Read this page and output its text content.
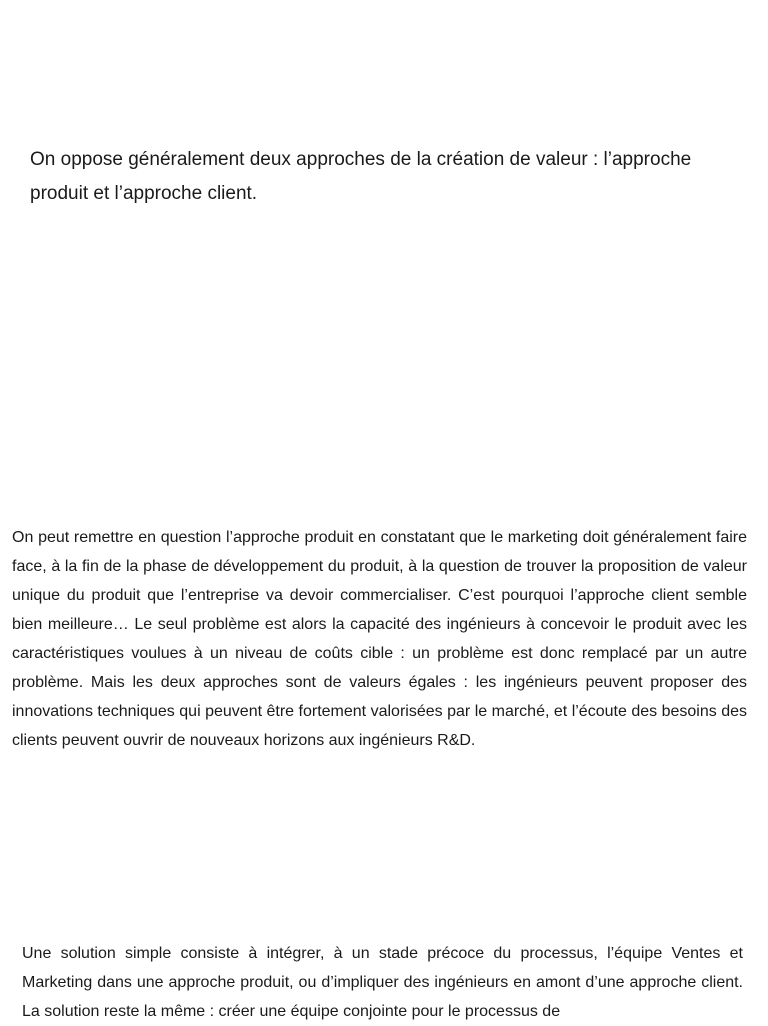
On oppose généralement deux approches de la création de valeur : l’approche produit et l’approche client.

On peut remettre en question l’approche produit en constatant que le marketing doit généralement faire face, à la fin de la phase de développement du produit, à la question de trouver la proposition de valeur unique du produit que l’entreprise va devoir commercialiser. C’est pourquoi l’approche client semble bien meilleure… Le seul problème est alors la capacité des ingénieurs à concevoir le produit avec les caractéristiques voulues à un niveau de coûts cible : un problème est donc remplacé par un autre problème. Mais les deux approches sont de valeurs égales : les ingénieurs peuvent proposer des innovations techniques qui peuvent être fortement valorisées par le marché, et l’écoute des besoins des clients peuvent ouvrir de nouveaux horizons aux ingénieurs R&D.

Une solution simple consiste à intégrer, à un stade précoce du processus, l’équipe Ventes et Marketing dans une approche produit, ou d’impliquer des ingénieurs en amont d’une approche client. La solution reste la même : créer une équipe conjointe pour le processus de
